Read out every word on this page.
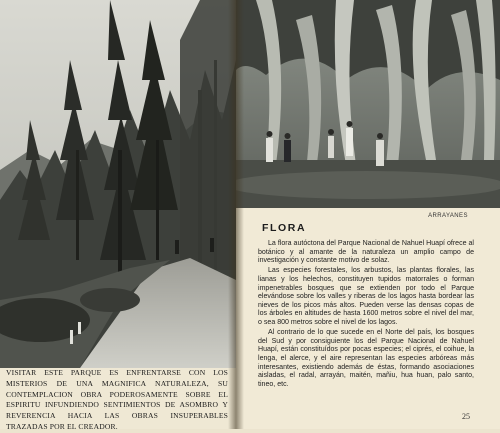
VISITAR ESTE PARQUE ES ENFRENTARSE CON LOS MISTERIOS DE UNA MAGNIFICA NATURALEZA, SU CONTEMPLACION OBRA PODEROSAMENTE SOBRE EL ESPIRITU INFUNDIENDO SENTIMIENTOS DE ASOMBRO Y REVERENCIA HACIA LAS OBRAS INSUPERABLES TRAZADAS POR EL CREADOR.
ARRAYANES
FLORA

La flora autóctona del Parque Nacional de Nahuel Huapí ofrece al botánico y al amante de la naturaleza un amplio campo de investigación y constante motivo de solaz.

Las especies forestales, los arbustos, las plantas florales, las lianas y los helechos, constituyen tupidos matorrales o forman impenetrables bosques que se extienden por todo el Parque elevándose sobre los valles y riberas de los lagos hasta bordear las nieves de los picos más altos. Pueden verse las densas copas de los árboles en altitudes de hasta 1600 metros sobre el nivel del mar, o sea 800 metros sobre el nivel de los lagos.

Al contrario de lo que sucede en el Norte del país, los bosques del Sud y por consiguiente los del Parque Nacional de Nahuel Huapí, están constituídos por pocas especies; el ciprés, el coihue, la lenga, el alerce, y el aire representan las especies arbóreas más interesantes, existiendo además de éstas, formando asociaciones aisladas, el radal, arrayán, maitén, mañiu, hua huan, palo santo, tineo, etc.

25
